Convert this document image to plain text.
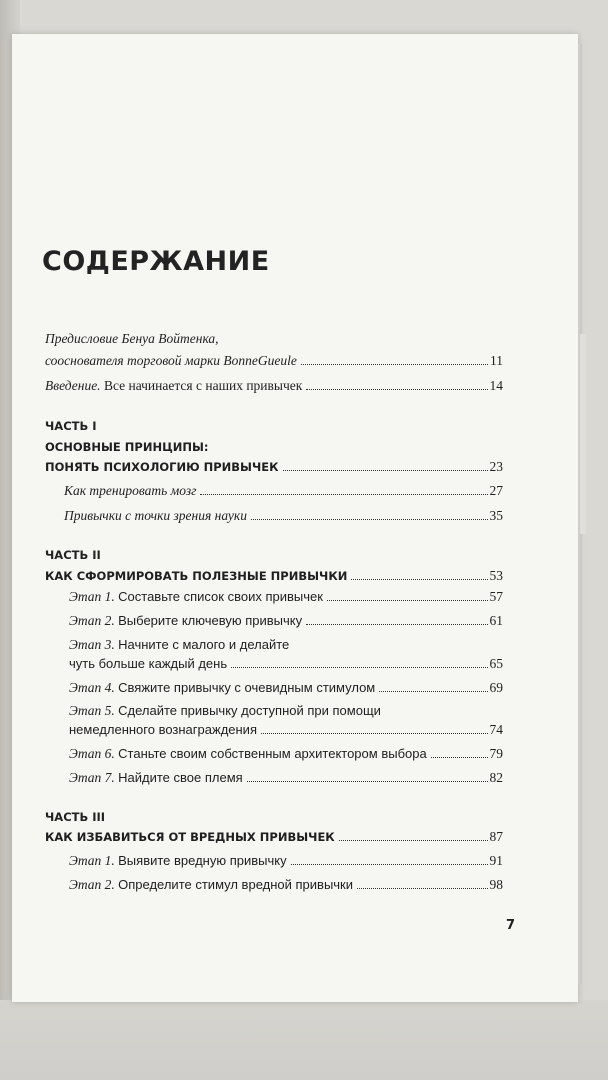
СОДЕРЖАНИЕ
Предисловие Бенуа Войтенка,
сооснователя торговой марки BonneGueule	11
Введение.
Все начинается с наших привычек	14
ЧАСТЬ I
ОСНОВНЫЕ ПРИНЦИПЫ:
ПОНЯТЬ ПСИХОЛОГИЮ ПРИВЫЧЕК	23
Как тренировать мозг	27
Привычки с точки зрения науки	35
ЧАСТЬ II
КАК СФОРМИРОВАТЬ ПОЛЕЗНЫЕ ПРИВЫЧКИ	53
Этап 1.
Составьте список своих привычек	57
Этап 2.
Выберите ключевую привычку	61
Этап 3. Начните с малого и делайте
чуть больше каждый день	65
Этап 4.
Свяжите привычку с очевидным стимулом	69
Этап 5. Сделайте привычку доступной при помощи
немедленного вознаграждения	74
Этап 6.
Станьте своим собственным архитектором выбора	79
Этап 7.
Найдите свое племя	82
ЧАСТЬ III
КАК ИЗБАВИТЬСЯ ОТ ВРЕДНЫХ ПРИВЫЧЕК	87
Этап 1.
Выявите вредную привычку	91
Этап 2.
Определите стимул вредной привычки	98
7
